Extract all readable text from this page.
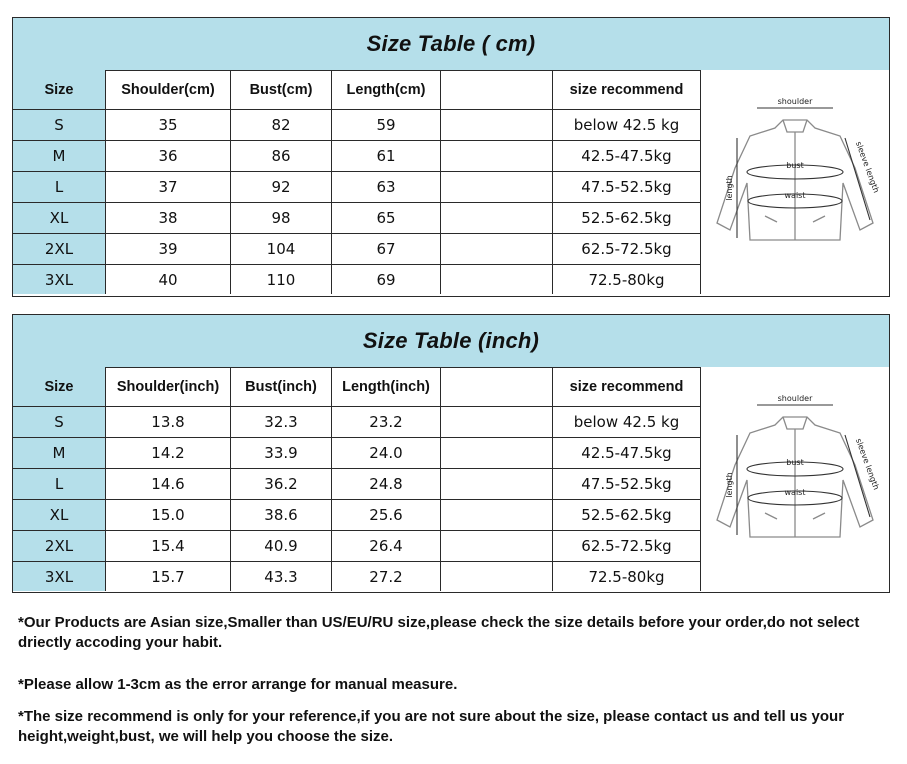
Size Table ( cm)
Size	Shoulder(cm)	Bust(cm)	Length(cm)	size recommend
S	35	82	59	below 42.5 kg
M	36	86	61	42.5-47.5kg
L	37	92	63	47.5-52.5kg
XL	38	98	65	52.5-62.5kg
2XL	39	104	67	62.5-72.5kg
3XL	40	110	69	72.5-80kg
shoulder
bust
waist
length	sleeve length
Size Table (inch)
Size	Shoulder(inch)	Bust(inch)	Length(inch)	size recommend
S	13.8	32.3	23.2	below 42.5 kg
M	14.2	33.9	24.0	42.5-47.5kg
L	14.6	36.2	24.8	47.5-52.5kg
XL	15.0	38.6	25.6	52.5-62.5kg
2XL	15.4	40.9	26.4	62.5-72.5kg
3XL	15.7	43.3	27.2	72.5-80kg
shoulder
bust
waist
length	sleeve length
*Our Products are Asian size,Smaller than US/EU/RU size,please check the size details before your order,do not select driectly accoding your habit.
*Please allow 1-3cm as the error arrange for manual measure.
*The size recommend is only for your reference,if you are not sure about the size, please contact us and tell us your height,weight,bust, we will help you choose the size.
